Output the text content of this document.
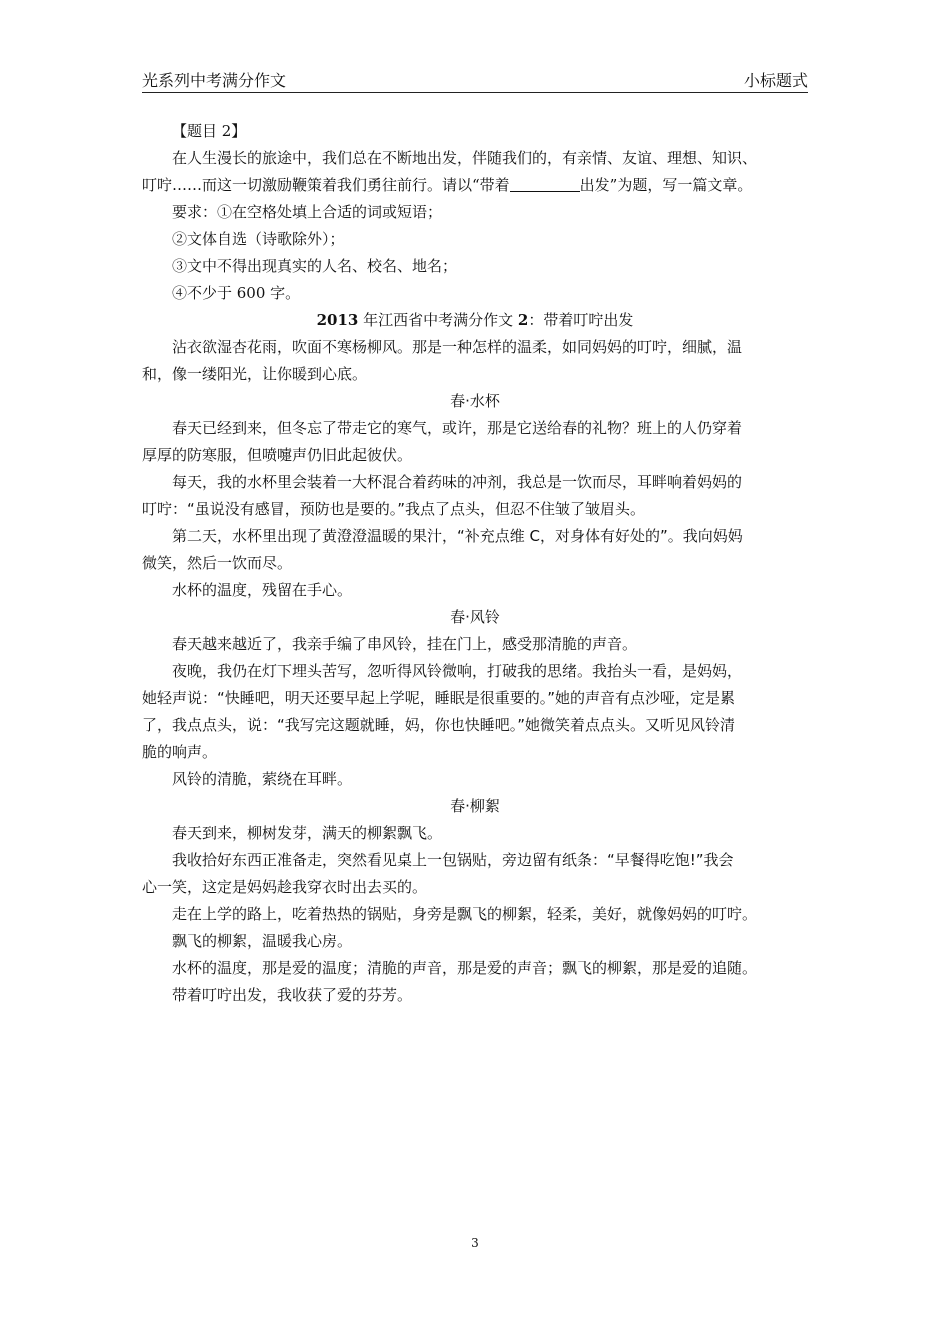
光系列中考满分作文	小标题式
【题目 2】
在人生漫长的旅途中，我们总在不断地出发，伴随我们的，有亲情、友谊、理想、知识、
叮咛……而这一切激励鞭策着我们勇往前行。请以“带着	出发”为题，写一篇文章。
要求：①在空格处填上合适的词或短语；
②文体自选（诗歌除外）；
③文中不得出现真实的人名、校名、地名；
④不少于 600 字。
2013 年江西省中考满分作文 2：带着叮咛出发
沾衣欲湿杏花雨，吹面不寒杨柳风。那是一种怎样的温柔，如同妈妈的叮咛，细腻，温
和，像一缕阳光，让你暖到心底。
春·水杯
春天已经到来，但冬忘了带走它的寒气，或许，那是它送给春的礼物？班上的人仍穿着
厚厚的防寒服，但喷嚏声仍旧此起彼伏。
每天，我的水杯里会装着一大杯混合着药味的冲剂，我总是一饮而尽，耳畔响着妈妈的
叮咛：“虽说没有感冒，预防也是要的。”我点了点头，但忍不住皱了皱眉头。
第二天，水杯里出现了黄澄澄温暖的果汁，“补充点维 C，对身体有好处的”。我向妈妈
微笑，然后一饮而尽。
水杯的温度，残留在手心。
春·风铃
春天越来越近了，我亲手编了串风铃，挂在门上，感受那清脆的声音。
夜晚，我仍在灯下埋头苦写，忽听得风铃微响，打破我的思绪。我抬头一看，是妈妈，
她轻声说：“快睡吧，明天还要早起上学呢，睡眠是很重要的。”她的声音有点沙哑，定是累
了，我点点头，说：“我写完这题就睡，妈，你也快睡吧。”她微笑着点点头。又听见风铃清
脆的响声。
风铃的清脆，萦绕在耳畔。
春·柳絮
春天到来，柳树发芽，满天的柳絮飘飞。
我收拾好东西正准备走，突然看见桌上一包锅贴，旁边留有纸条：“早餐得吃饱!”我会
心一笑，这定是妈妈趁我穿衣时出去买的。
走在上学的路上，吃着热热的锅贴，身旁是飘飞的柳絮，轻柔，美好，就像妈妈的叮咛。
飘飞的柳絮，温暖我心房。
水杯的温度，那是爱的温度；清脆的声音，那是爱的声音；飘飞的柳絮，那是爱的追随。
带着叮咛出发，我收获了爱的芬芳。
3
